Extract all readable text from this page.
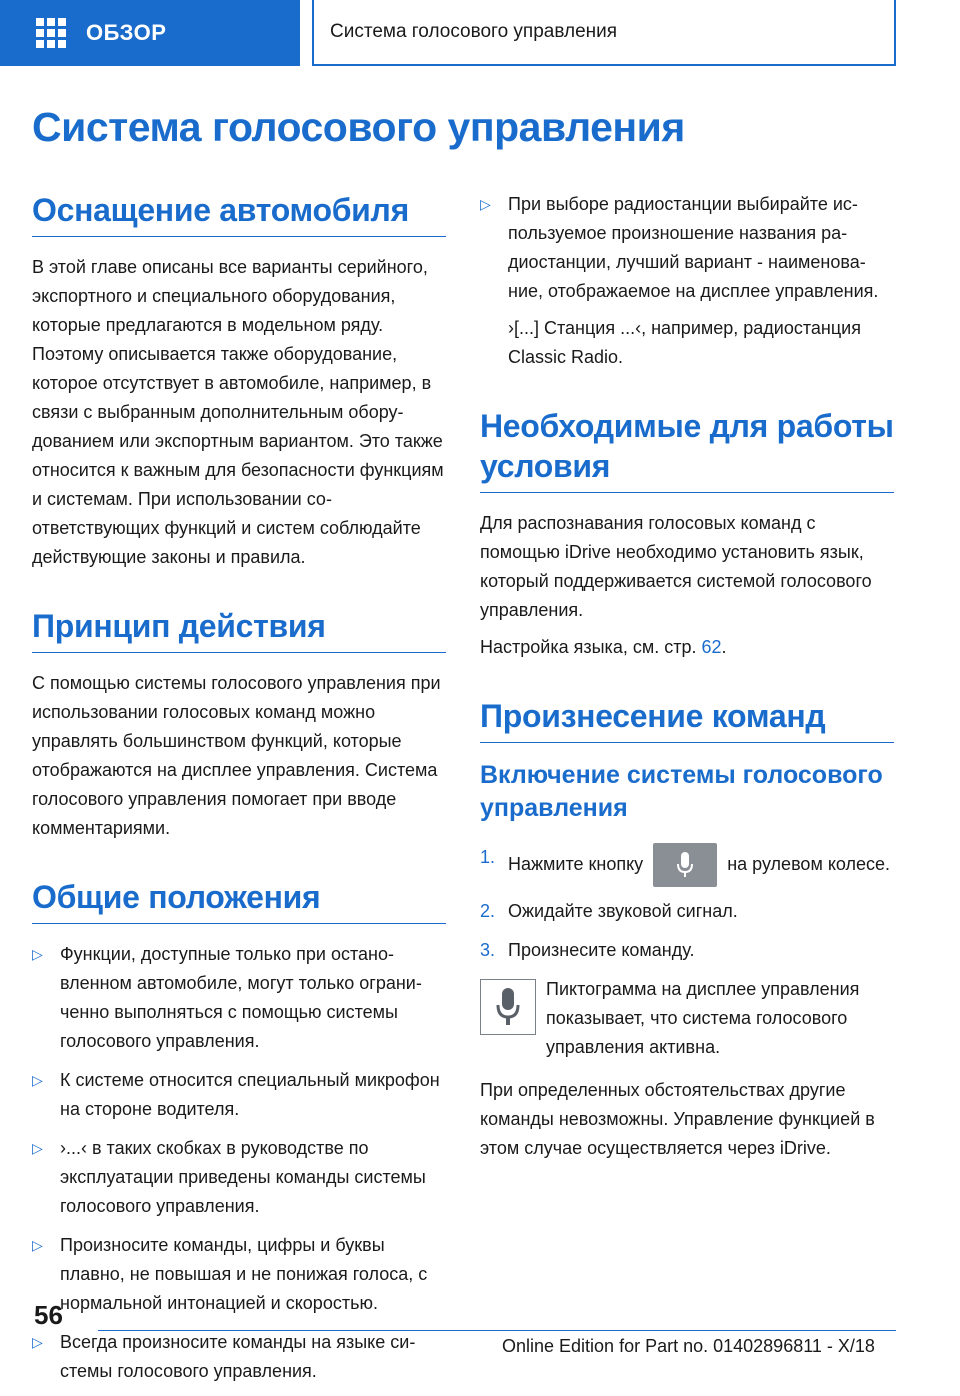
ОБЗОР	Система голосового управления
Система голосового управления
Оснащение автомобиля

В этой главе описаны все варианты серийного, экспортного и специального оборудования, которые предлагаются в модельном ряду. Поэтому описывается также оборудование, которое отсутствует в автомобиле, например, в связи с выбранным дополнительным оборудованием или экспортным вариантом. Это также относится к важным для безопасности функциям и системам. При использовании соответствующих функций и систем соблюдайте действующие законы и правила.

Принцип действия

С помощью системы голосового управления при использовании голосовых команд можно управлять большинством функций, которые отображаются на дисплее управления. Система голосового управления помогает при вводе комментариями.

Общие положения
▷ Функции, доступные только при остановленном автомобиле, могут только ограниченно выполняться с помощью системы голосового управления.
▷ К системе относится специальный микрофон на стороне водителя.
▷ ›...‹ в таких скобках в руководстве по эксплуатации приведены команды системы голосового управления.
▷ Произносите команды, цифры и буквы плавно, не повышая и не понижая голоса, с нормальной интонацией и скоростью.
▷ Всегда произносите команды на языке системы голосового управления.
▷ При выборе радиостанции выбирайте используемое произношение названия радиостанции, лучший вариант - наименование, отображаемое на дисплее управления.

›[...] Станция ...‹, например, радиостанция Classic Radio.

Необходимые для работы условия

Для распознавания голосовых команд с помощью iDrive необходимо установить язык, который поддерживается системой голосового управления.

Настройка языка, см. стр. 62.

Произнесение команд
Включение системы голосового управления
1. Нажмите кнопку	на рулевом колесе.
2. Ожидайте звуковой сигнал.
3. Произнесите команду.

Пиктограмма на дисплее управления показывает, что система голосового управления активна.

При определенных обстоятельствах другие команды невозможны. Управление функцией в этом случае осуществляется через iDrive.

56
Online Edition for Part no. 01402896811 - X/18
